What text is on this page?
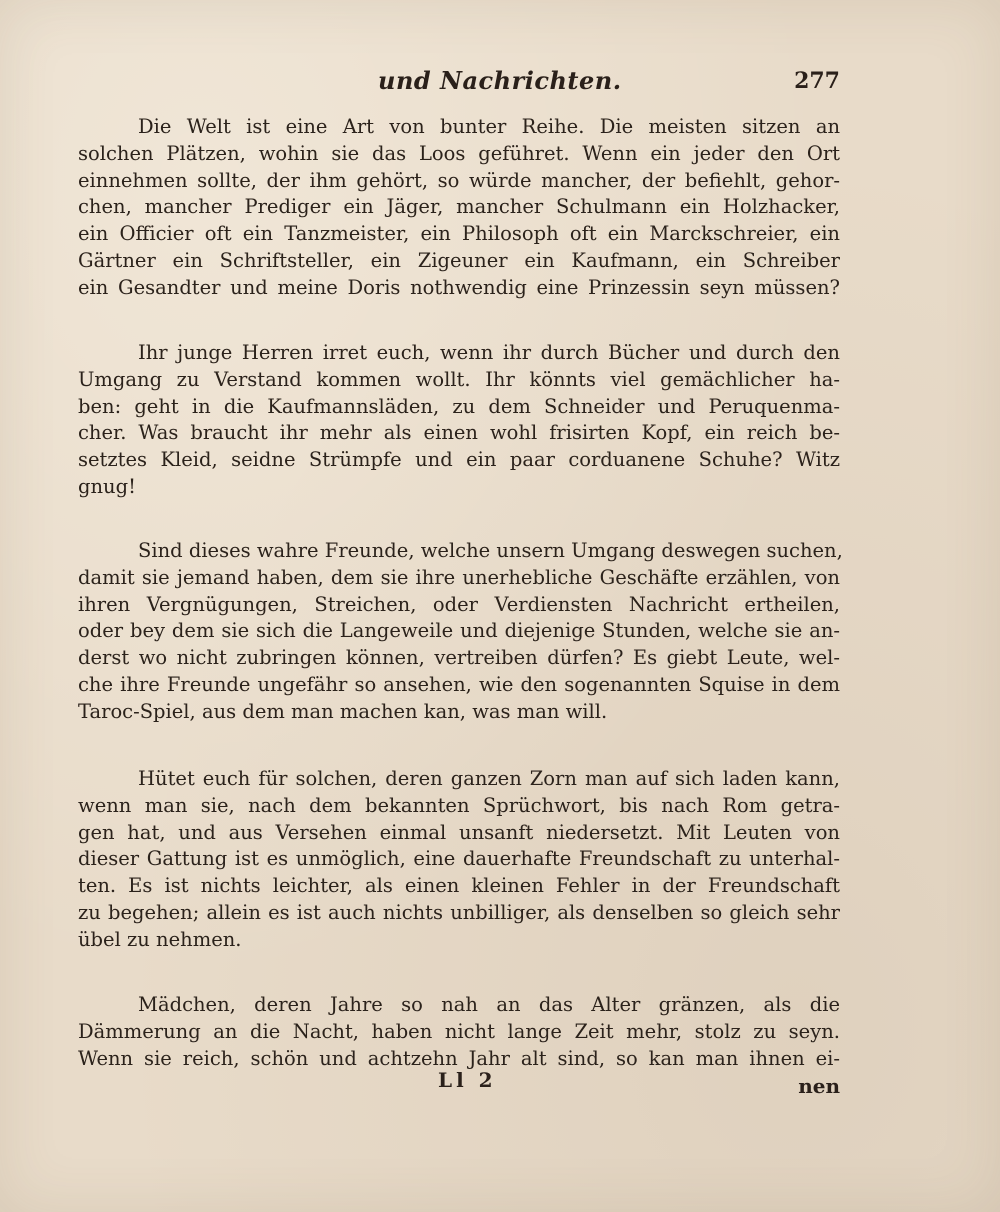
und Nachrichten.	277
Die Welt ist eine Art von bunter Reihe. Die meisten sitzen an
solchen Plätzen, wohin sie das Loos geführet. Wenn ein jeder den Ort
einnehmen sollte, der ihm gehört, so würde mancher, der befiehlt, gehor-
chen, mancher Prediger ein Jäger, mancher Schulmann ein Holzhacker,
ein Officier oft ein Tanzmeister, ein Philosoph oft ein Marckschreier, ein
Gärtner ein Schriftsteller, ein Zigeuner ein Kaufmann, ein Schreiber
ein Gesandter und meine Doris nothwendig eine Prinzessin seyn müssen?
Ihr junge Herren irret euch, wenn ihr durch Bücher und durch den
Umgang zu Verstand kommen wollt. Ihr könnts viel gemächlicher ha-
ben: geht in die Kaufmannsläden, zu dem Schneider und Peruquenma-
cher. Was braucht ihr mehr als einen wohl frisirten Kopf, ein reich be-
setztes Kleid, seidne Strümpfe und ein paar corduanene Schuhe? Witz
gnug!
Sind dieses wahre Freunde, welche unsern Umgang deswegen suchen,
damit sie jemand haben, dem sie ihre unerhebliche Geschäfte erzählen, von
ihren Vergnügungen, Streichen, oder Verdiensten Nachricht ertheilen,
oder bey dem sie sich die Langeweile und diejenige Stunden, welche sie an-
derst wo nicht zubringen können, vertreiben dürfen? Es giebt Leute, wel-
che ihre Freunde ungefähr so ansehen, wie den sogenannten Squise in dem
Taroc-Spiel, aus dem man machen kan, was man will.
Hütet euch für solchen, deren ganzen Zorn man auf sich laden kann,
wenn man sie, nach dem bekannten Sprüchwort, bis nach Rom getra-
gen hat, und aus Versehen einmal unsanft niedersetzt. Mit Leuten von
dieser Gattung ist es unmöglich, eine dauerhafte Freundschaft zu unterhal-
ten. Es ist nichts leichter, als einen kleinen Fehler in der Freundschaft
zu begehen; allein es ist auch nichts unbilliger, als denselben so gleich sehr
übel zu nehmen.
Mädchen, deren Jahre so nah an das Alter gränzen, als die
Dämmerung an die Nacht, haben nicht lange Zeit mehr, stolz zu seyn.
Wenn sie reich, schön und achtzehn Jahr alt sind, so kan man ihnen ei-
Ll 2	nen
